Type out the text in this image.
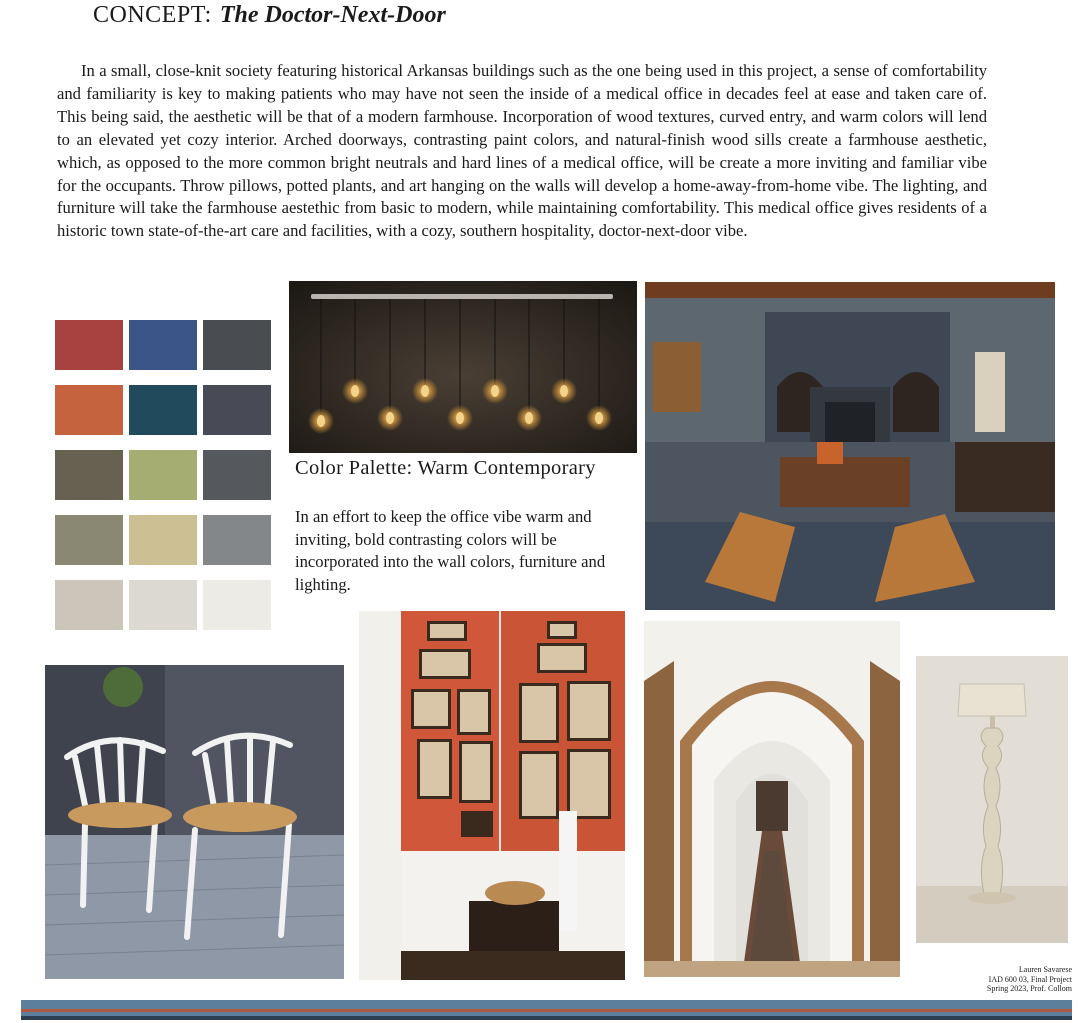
CONCEPT: The Doctor-Next-Door

In a small, close-knit society featuring historical Arkansas buildings such as the one being used in this project, a sense of comfortability and familiarity is key to making patients who may have not seen the inside of a medical office in decades feel at ease and taken care of. This being said, the aesthetic will be that of a modern farmhouse. Incorporation of wood textures, curved entry, and warm colors will lend to an elevated yet cozy interior. Arched doorways, contrasting paint colors, and natural-finish wood sills create a farmhouse aesthetic, which, as opposed to the more common bright neutrals and hard lines of a medical office, will be create a more inviting and familiar vibe for the occupants. Throw pillows, potted plants, and art hanging on the walls will develop a home-away-from-home vibe. The lighting, and furniture will take the farmhouse aestethic from basic to modern, while maintaining comfortability. This medical office gives residents of a historic town state-of-the-art care and facilities, with a cozy, southern hospitality, doctor-next-door vibe.

Color Palette: Warm Contemporary

In an effort to keep the office vibe warm and inviting, bold contrasting colors will be incorporated into the wall colors, furniture and lighting.

Lauren Savarese
IAD 600 03, Final Project
Spring 2023, Prof. Collom
